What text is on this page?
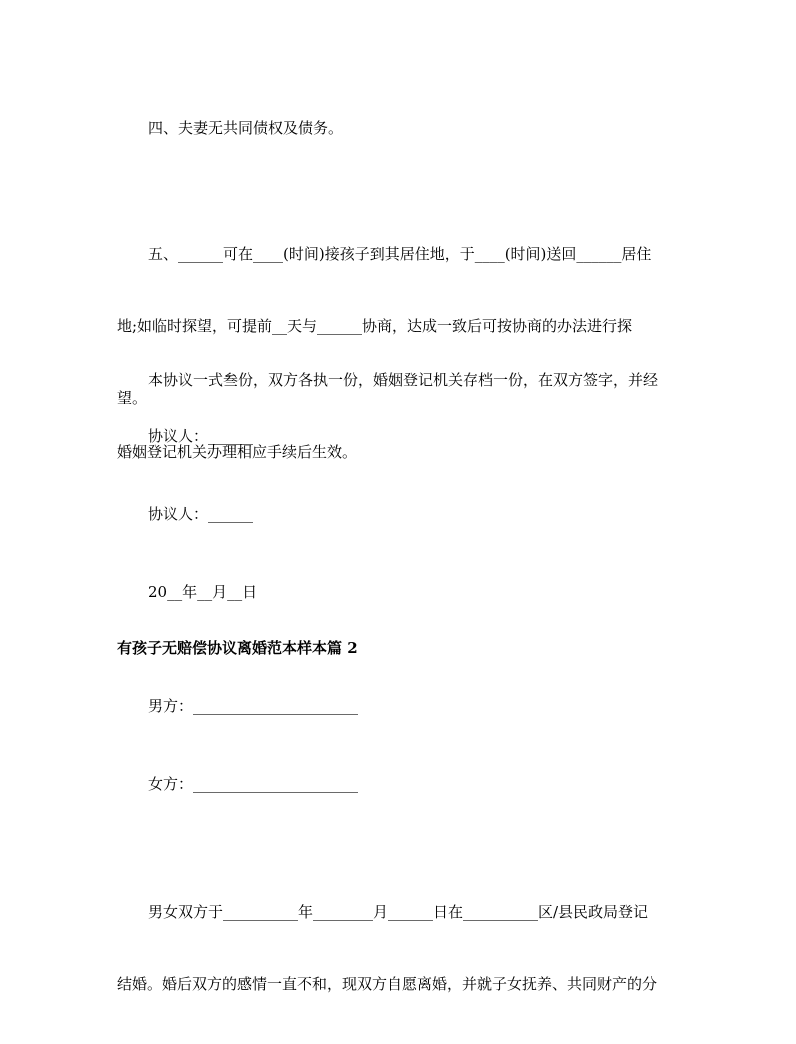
四、夫妻无共同债权及债务。

五、______可在____(时间)接孩子到其居住地，于____(时间)送回______居住

地;如临时探望，可提前__天与______协商，达成一致后可按协商的办法进行探

望。

本协议一式叁份，双方各执一份，婚姻登记机关存档一份，在双方签字，并经

婚姻登记机关办理相应手续后生效。

协议人：______

协议人：______

20__年__月__日

有孩子无赔偿协议离婚范本样本篇 2

男方：______________________

女方：______________________

男女双方于__________年________月______日在__________区/县民政局登记

结婚。婚后双方的感情一直不和，现双方自愿离婚，并就子女抚养、共同财产的分
